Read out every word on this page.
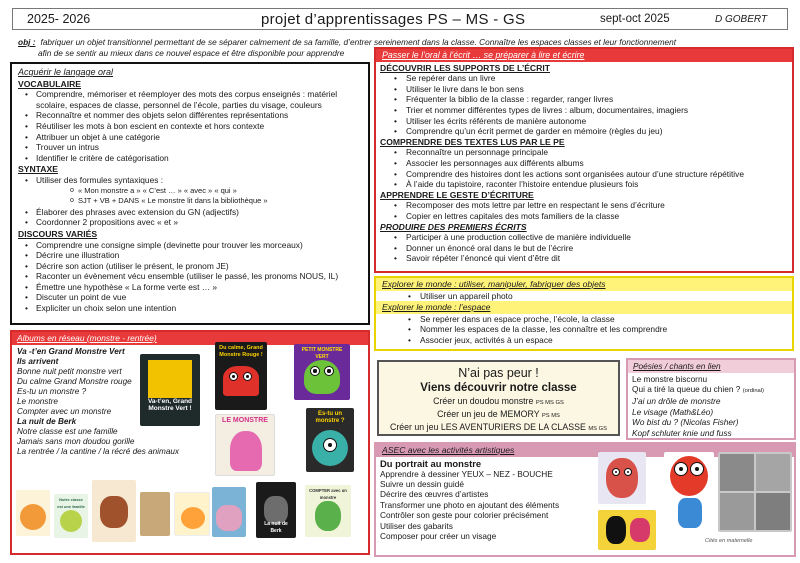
2025- 2026	projet d’apprentissages PS – MS - GS	sept-oct 2025	D GOBERT
obj : fabriquer un objet transitionnel permettant de se séparer calmement de sa famille, d’entrer sereinement dans la classe. Connaître les espaces classes et leur fonctionnement
afin de se sentir au mieux dans ce nouvel espace et être disponible pour apprendre
Acquérir le langage oral
VOCABULAIRE
• Comprendre, mémoriser et réemployer des mots des corpus enseignés : matériel scolaire, espaces de classe, personnel de l’école, parties du visage, couleurs
• Reconnaître et nommer des objets selon différentes représentations
• Réutiliser les mots à bon escient en contexte et hors contexte
• Attribuer un objet à une catégorie
• Trouver un intrus
• Identifier le critère de catégorisation
SYNTAXE
• Utiliser des formules syntaxiques :
o « Mon monstre a » « C’est … » « avec » « qui »
o SJT + VB + DANS « Le monstre lit dans la bibliothèque »
• Élaborer des phrases avec extension du GN (adjectifs)
• Coordonner 2 propositions avec « et »
DISCOURS VARIÉS
• Comprendre une consigne simple (devinette pour trouver les morceaux)
• Décrire une illustration
• Décrire son action (utiliser le présent, le pronom JE)
• Raconter un évènement vécu ensemble (utiliser le passé, les pronoms NOUS, IL)
• Émettre une hypothèse « La forme verte est … »
• Discuter un point de vue
• Expliciter un choix selon une intention
Passer le l’oral à l’écrit … se préparer à lire et écrire
DÉCOUVRIR LES SUPPORTS DE L’ÉCRIT
• Se repérer dans un livre
• Utiliser le livre dans le bon sens
• Fréquenter la biblio de la classe : regarder, ranger livres
• Trier et nommer différentes types de livres : album, documentaires, imagiers
• Utiliser les écrits référents de manière autonome
• Comprendre qu’un écrit permet de garder en mémoire (règles du jeu)
COMPRENDRE DES TEXTES LUS PAR LE PE
• Reconnaître un personnage principale
• Associer les personnages aux différents albums
• Comprendre des histoires dont les actions sont organisées autour d’une structure répétitive
• À l’aide du tapistoire, raconter l’histoire entendue plusieurs fois
APPRENDRE LE GESTE D’ÉCRITURE
• Recomposer des mots lettre par lettre en respectant le sens d’écriture
• Copier en lettres capitales des mots familiers de la classe
PRODUIRE DES PREMIERS ÉCRITS
• Participer à une production collective de manière individuelle
• Donner un énoncé oral dans le but de l’écrire
• Savoir répéter l’énoncé qui vient d’être dit
Explorer le monde : utiliser, manipuler, fabriquer des objets
• Utiliser un appareil photo
Explorer le monde : l’espace
• Se repérer dans un espace proche, l’école, la classe
• Nommer les espaces de la classe, les connaître et les comprendre
• Associer jeux, activités à un espace
Albums en réseau (monstre - rentrée)
Va -t’en Grand Monstre Vert
Ils arrivent
Bonne nuit petit monstre vert
Du calme Grand Monstre rouge
Es-tu un monstre ?
Le monstre
Compter avec un monstre
La nuit de Berk
Notre classe est une famille
Jamais sans mon doudou gorille
La rentrée / la cantine / la récré des animaux
Va-t’en, Grand Monstre Vert !
Du calme, Grand Monstre Rouge !
PETIT MONSTRE VERT
LE MONSTRE
Es-tu un monstre ?
Notre classe est une famille
La nuit de Berk
COMPTER avec un monstre
N’ai pas peur !
Viens découvrir notre classe
Créer un doudou monstre PS MS GS
Créer un jeu de MEMORY PS MS
Créer un jeu LES AVENTURIERS DE LA CLASSE MS GS
Poésies / chants en lien
Le monstre biscornu
Qui a tiré la queue du chien ? (ordinal)
J’ai un drôle de monstre
Le visage (Math&Léo)
Wo bist du ? (Nicolas Fisher)
Kopf schluter knie und fuss
ASEC avec les activités artistiques
Du portrait au monstre
Apprendre à dessiner YEUX – NEZ - BOUCHE
Suivre un dessin guidé
Décrire des œuvres d’artistes
Transformer une photo en ajoutant des éléments
Contrôler son geste pour colorier précisément
Utiliser des gabarits
Composer pour créer un visage	Cités en maternelle
